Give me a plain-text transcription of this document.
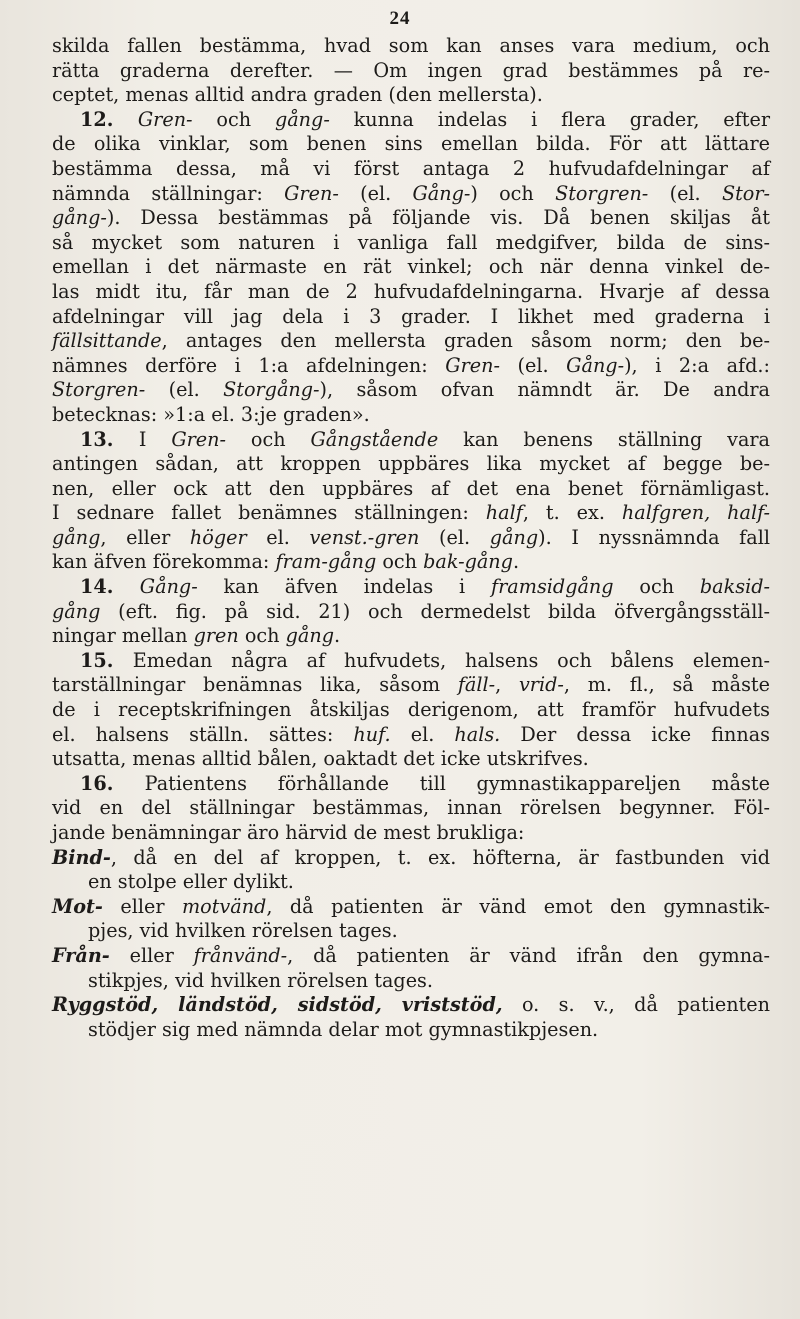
24
skilda fallen bestämma, hvad som kan anses vara medium, och
rätta graderna derefter. — Om ingen grad bestämmes på re-
ceptet, menas alltid andra graden (den mellersta).
12. Gren- och gång- kunna indelas i flera grader, efter
de olika vinklar, som benen sins emellan bilda. För att lättare
bestämma dessa, må vi först antaga 2 hufvudafdelningar af
nämnda ställningar: Gren- (el. Gång-) och Storgren- (el. Stor-
gång-). Dessa bestämmas på följande vis. Då benen skiljas åt
så mycket som naturen i vanliga fall medgifver, bilda de sins-
emellan i det närmaste en rät vinkel; och när denna vinkel de-
las midt itu, får man de 2 hufvudafdelningarna. Hvarje af dessa
afdelningar vill jag dela i 3 grader. I likhet med graderna i
fällsittande, antages den mellersta graden såsom norm; den be-
nämnes derföre i 1:a afdelningen: Gren- (el. Gång-), i 2:a afd.:
Storgren- (el. Storgång-), såsom ofvan nämndt är. De andra
betecknas: »1:a el. 3:je graden».
13. I Gren- och Gångstående kan benens ställning vara
antingen sådan, att kroppen uppbäres lika mycket af begge be-
nen, eller ock att den uppbäres af det ena benet förnämligast.
I sednare fallet benämnes ställningen: half, t. ex. halfgren, half-
gång, eller höger el. venst.-gren (el. gång). I nyssnämnda fall
kan äfven förekomma: fram-gång och bak-gång.
14. Gång- kan äfven indelas i framsidgång och baksid-
gång (eft. fig. på sid. 21) och dermedelst bilda öfvergångsställ-
ningar mellan gren och gång.
15. Emedan några af hufvudets, halsens och bålens elemen-
tarställningar benämnas lika, såsom fäll-, vrid-, m. fl., så måste
de i receptskrifningen åtskiljas derigenom, att framför hufvudets
el. halsens ställn. sättes: huf. el. hals. Der dessa icke finnas
utsatta, menas alltid bålen, oaktadt det icke utskrifves.
16. Patientens förhållande till gymnastikappareljen måste
vid en del ställningar bestämmas, innan rörelsen begynner. Föl-
jande benämningar äro härvid de mest brukliga:
Bind-, då en del af kroppen, t. ex. höfterna, är fastbunden vid
en stolpe eller dylikt.
Mot- eller motvänd, då patienten är vänd emot den gymnastik-
pjes, vid hvilken rörelsen tages.
Från- eller frånvänd-, då patienten är vänd ifrån den gymna-
stikpjes, vid hvilken rörelsen tages.
Ryggstöd, ländstöd, sidstöd, vriststöd, o. s. v., då patienten
stödjer sig med nämnda delar mot gymnastikpjesen.
